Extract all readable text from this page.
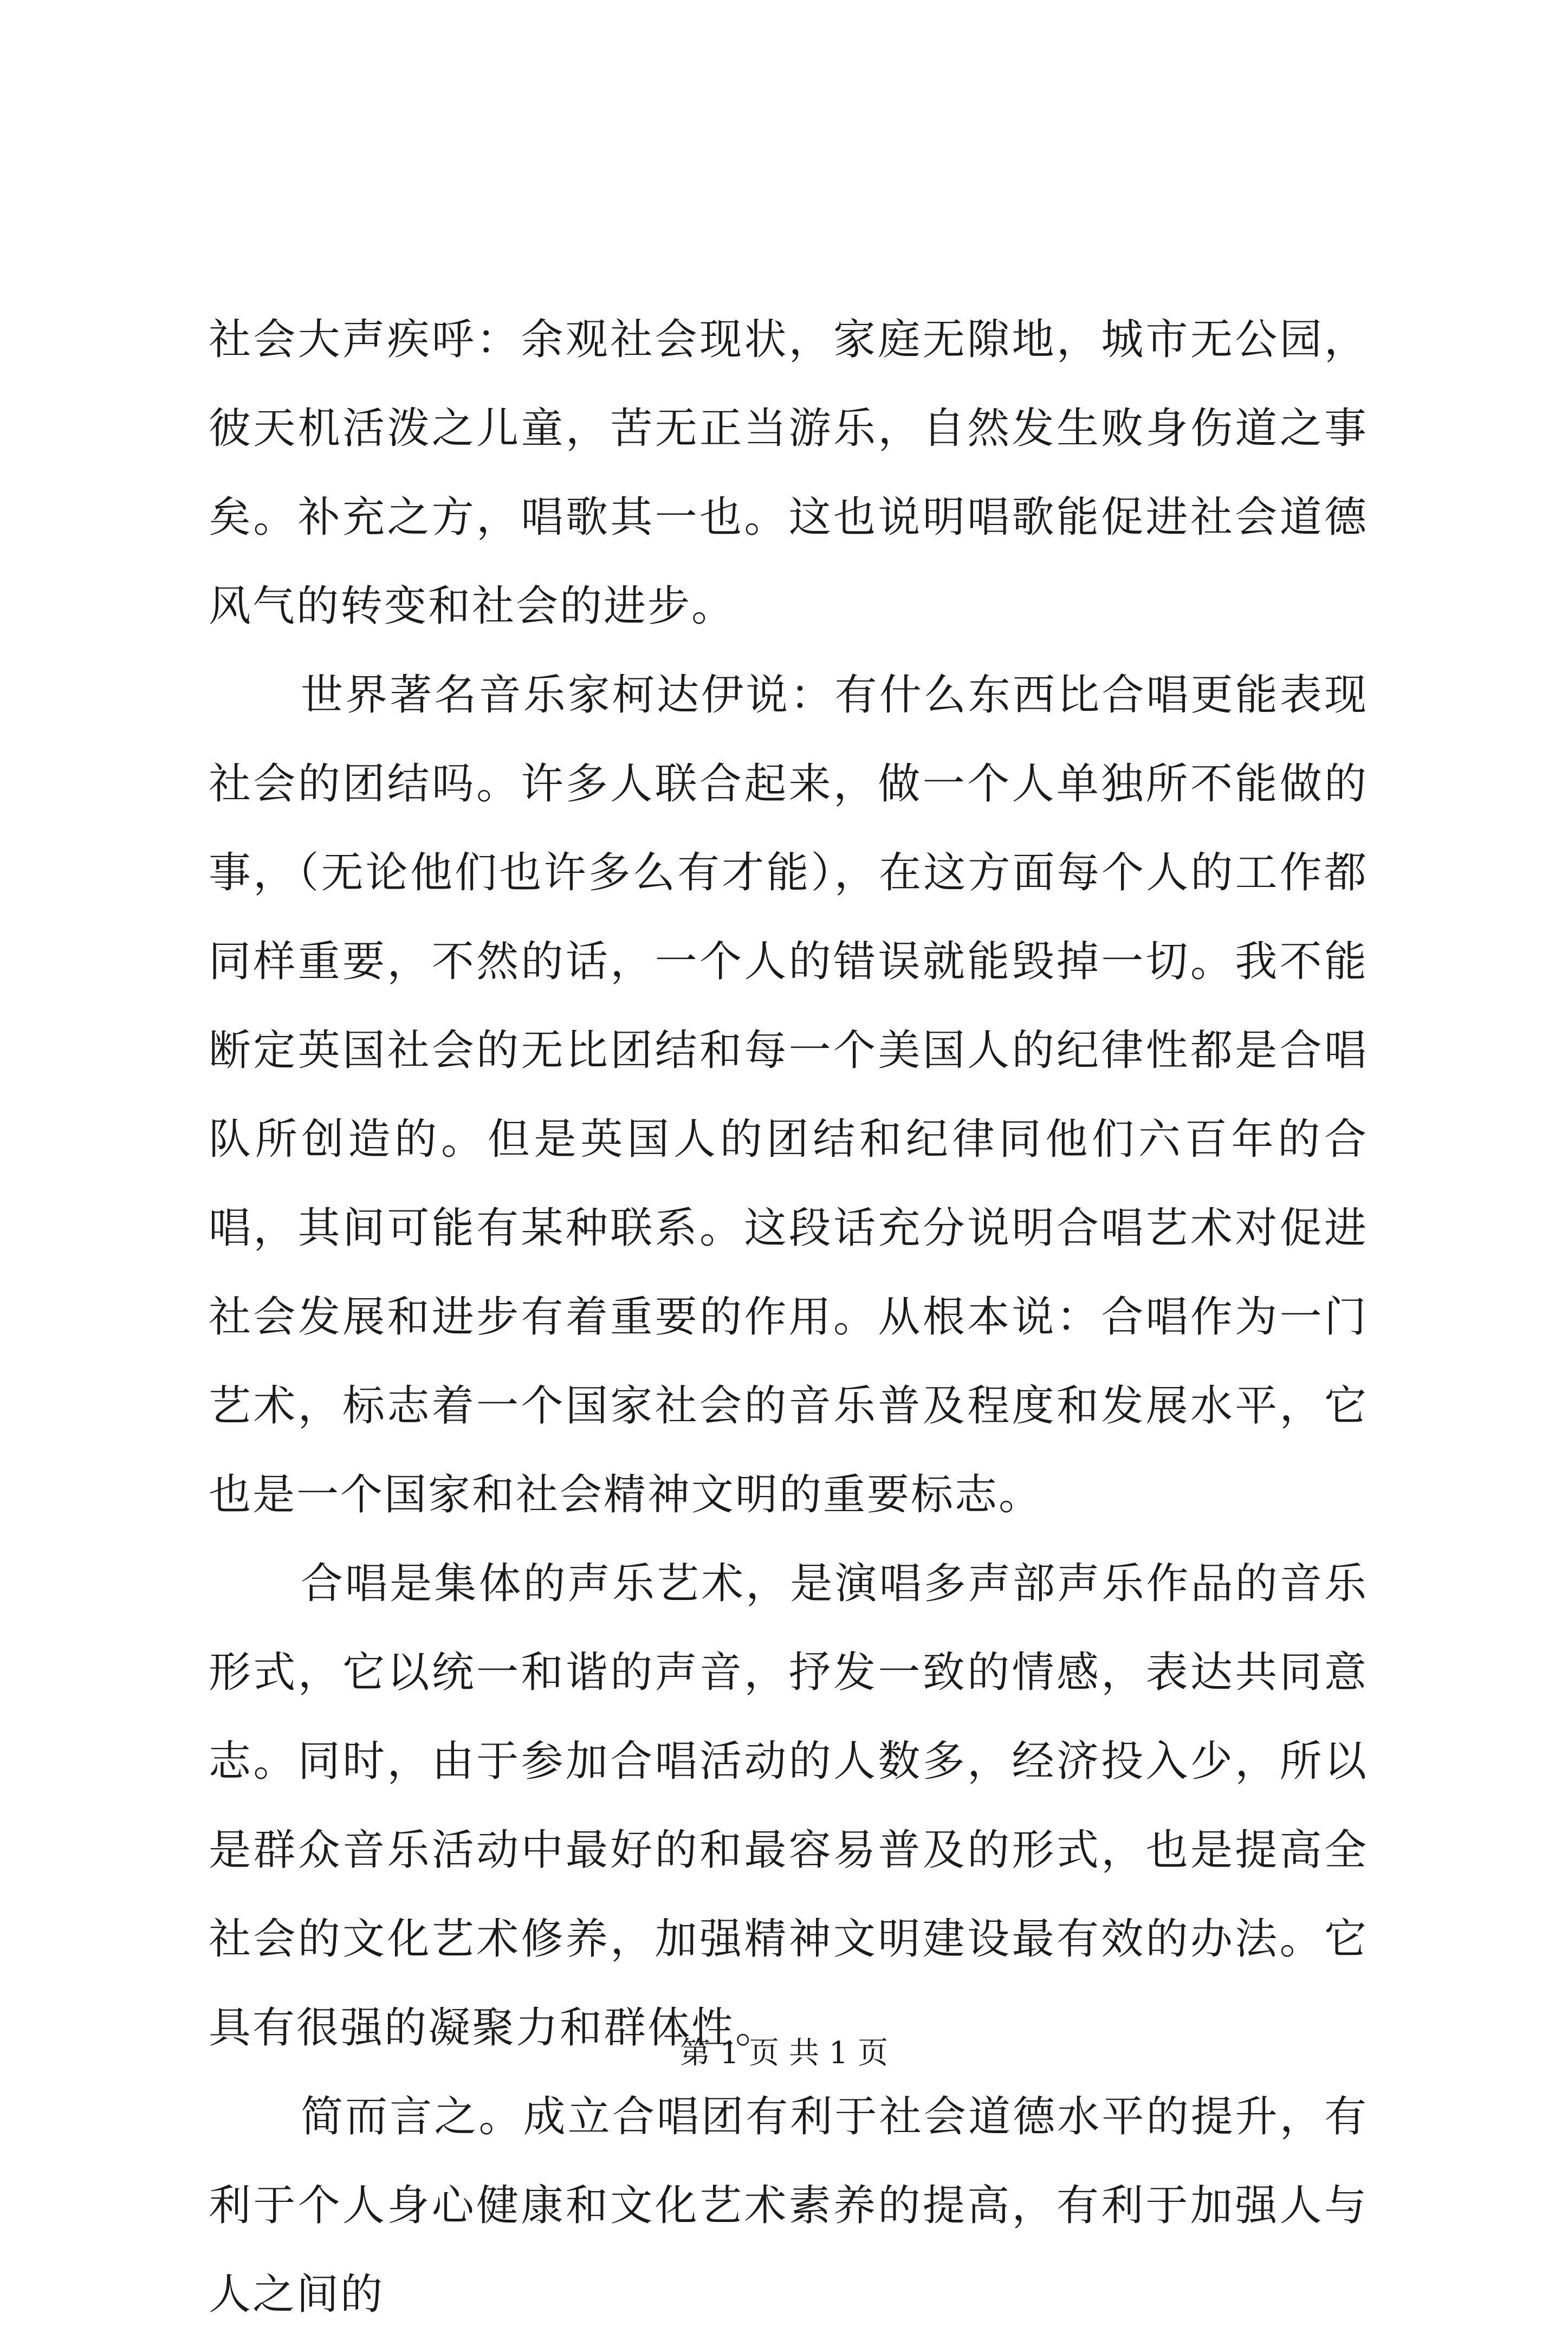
社会大声疾呼：余观社会现状，家庭无隙地，城市无公园，彼天机活泼之儿童，苦无正当游乐，自然发生败身伤道之事矣。补充之方，唱歌其一也。这也说明唱歌能促进社会道德风气的转变和社会的进步。

世界著名音乐家柯达伊说：有什么东西比合唱更能表现社会的团结吗。许多人联合起来，做一个人单独所不能做的事，（无论他们也许多么有才能），在这方面每个人的工作都同样重要，不然的话，一个人的错误就能毁掉一切。我不能断定英国社会的无比团结和每一个美国人的纪律性都是合唱队所创造的。但是英国人的团结和纪律同他们六百年的合唱，其间可能有某种联系。这段话充分说明合唱艺术对促进社会发展和进步有着重要的作用。从根本说：合唱作为一门艺术，标志着一个国家社会的音乐普及程度和发展水平，它也是一个国家和社会精神文明的重要标志。

合唱是集体的声乐艺术，是演唱多声部声乐作品的音乐形式，它以统一和谐的声音，抒发一致的情感，表达共同意志。同时，由于参加合唱活动的人数多，经济投入少，所以是群众音乐活动中最好的和最容易普及的形式，也是提高全社会的文化艺术修养，加强精神文明建设最有效的办法。它具有很强的凝聚力和群体性。

简而言之。成立合唱团有利于社会道德水平的提升，有利于个人身心健康和文化艺术素养的提高，有利于加强人与人之间的

第 1 页 共 1 页
